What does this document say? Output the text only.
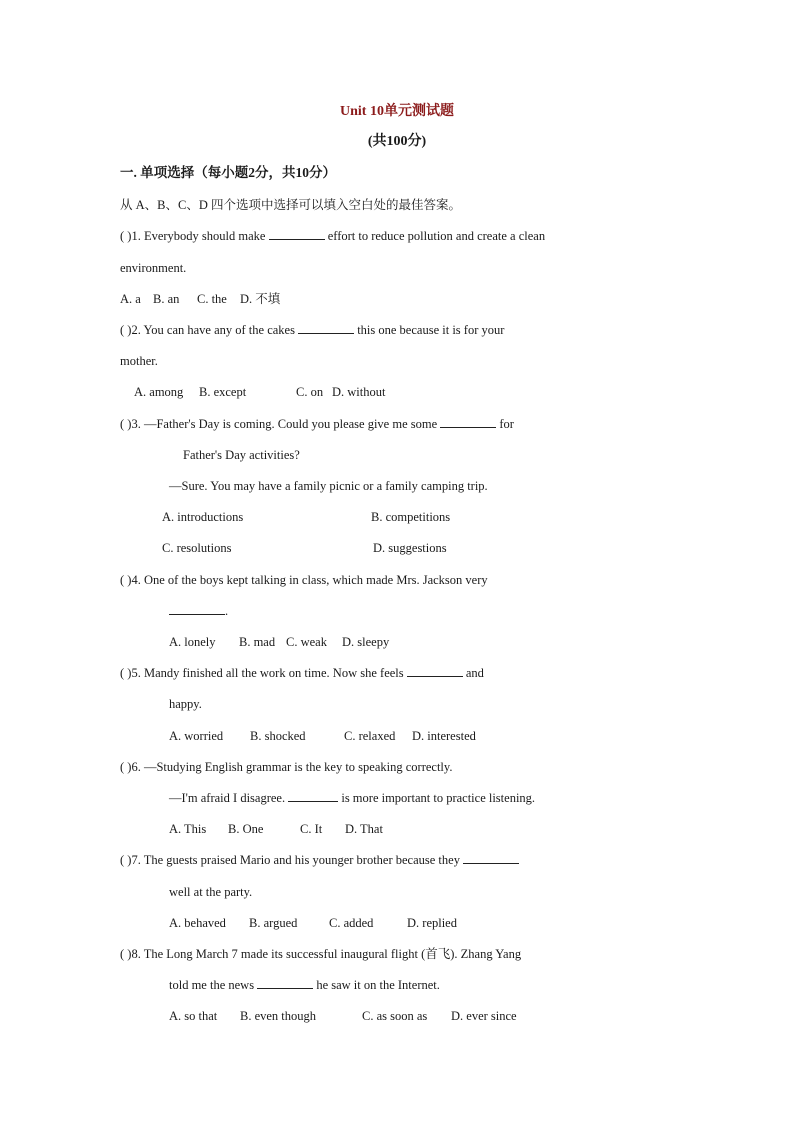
Unit 10单元测试题
(共100分)
一. 单项选择（每小题2分，共10分）
从 A、B、C、D 四个选项中选择可以填入空白处的最佳答案。
( )1. Everybody should make	effort to reduce pollution and create a clean
environment.
A. a B. an C. the D. 不填
( )2. You can have any of the cakes	this one because it is for your
mother.
A. among B. except	C. on D. without
( )3. —Father's Day is coming. Could you please give me some	for
Father's Day activities?
—Sure. You may have a family picnic or a family camping trip.
A. introductions	B. competitions
C. resolutions	D. suggestions
( )4. One of the boys kept talking in class, which made Mrs. Jackson very
.
A. lonely B. mad C. weak D. sleepy
( )5. Mandy finished all the work on time. Now she feels	and
happy.
A. worried B. shocked	C. relaxed D. interested
( )6. —Studying English grammar is the key to speaking correctly.
—I'm afraid I disagree.	is more important to practice listening.
A. This B. One	C. It D. That
( )7. The guests praised Mario and his younger brother because they
well at the party.
A. behaved B. argued	C. added	D. replied
( )8. The Long March 7 made its successful inaugural flight (首飞). Zhang Yang
told me the news	he saw it on the Internet.
A. so that B. even though	C. as soon as D. ever since
